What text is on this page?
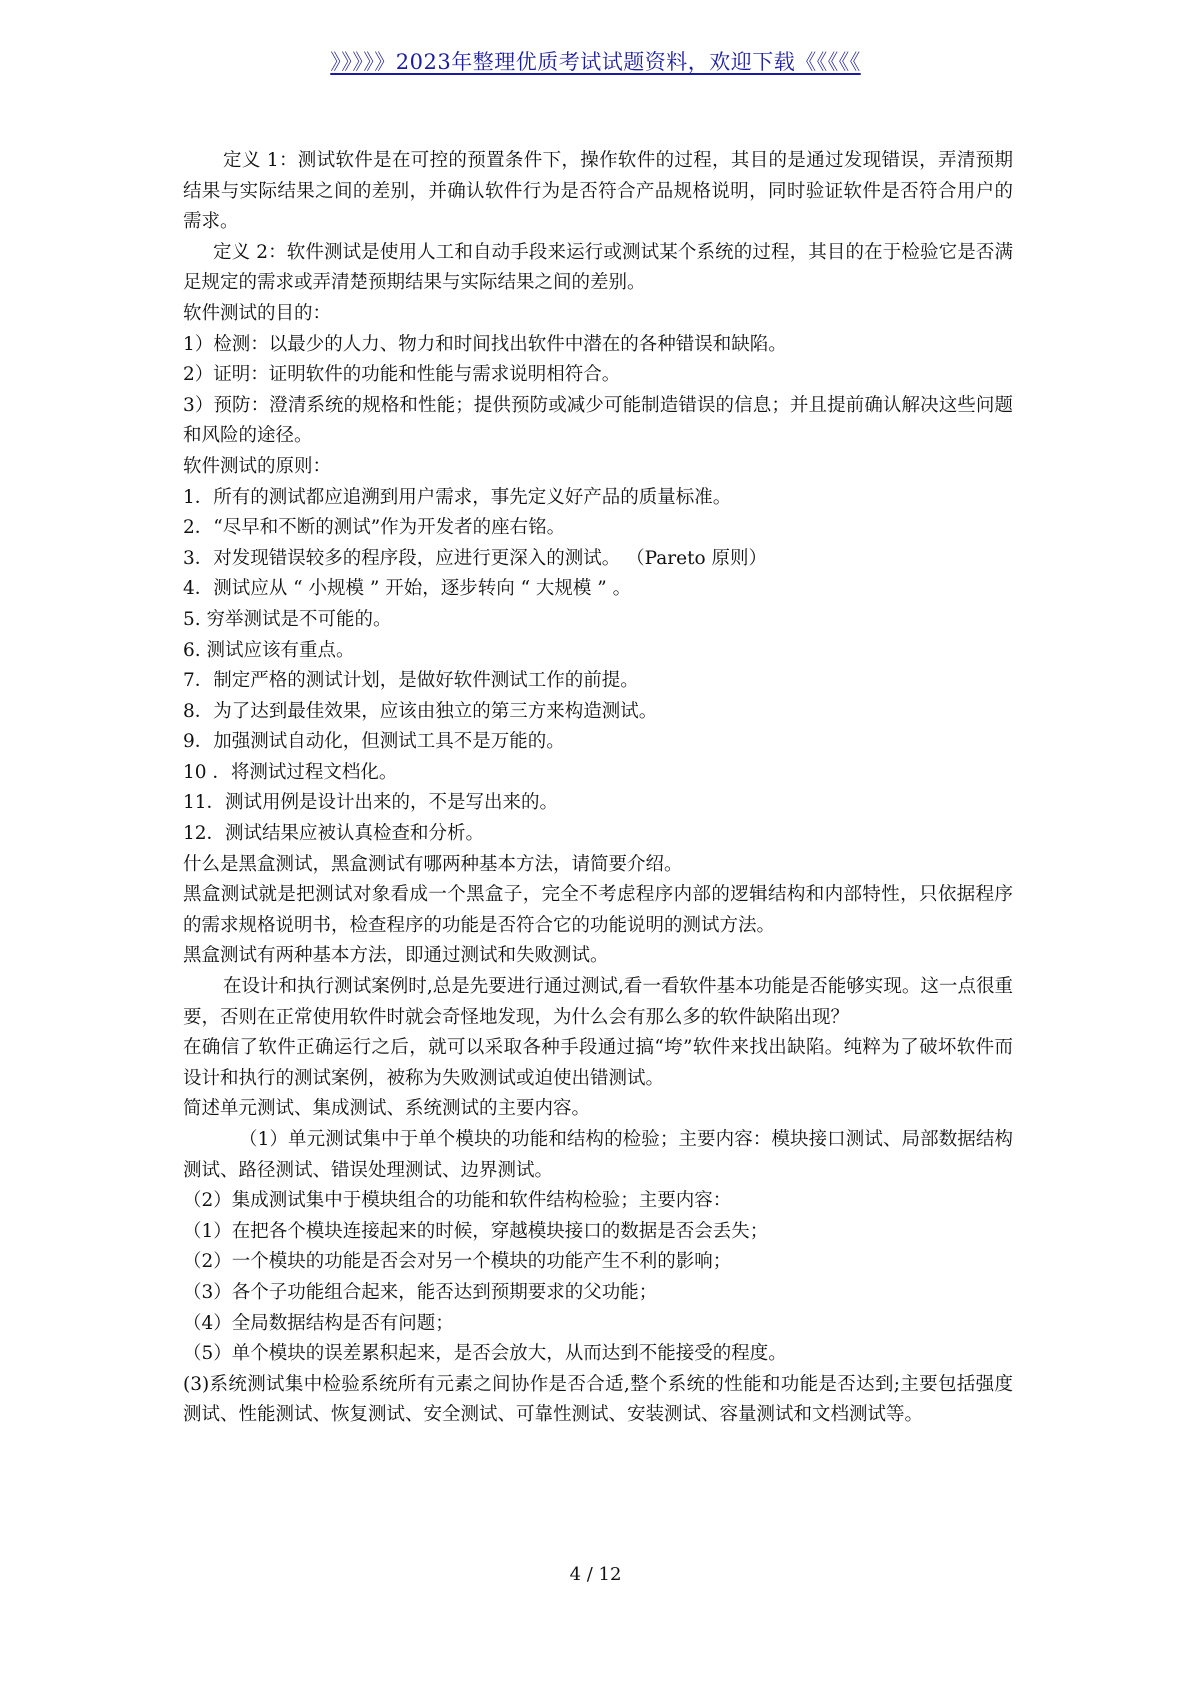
》》》》》2023年整理优质考试试题资料，欢迎下载《《《《《

定义 1：测试软件是在可控的预置条件下，操作软件的过程，其目的是通过发现错误，弄清预期结果与实际结果之间的差别，并确认软件行为是否符合产品规格说明，同时验证软件是否符合用户的需求。

定义 2：软件测试是使用人工和自动手段来运行或测试某个系统的过程，其目的在于检验它是否满足规定的需求或弄清楚预期结果与实际结果之间的差别。

软件测试的目的：

1）检测：以最少的人力、物力和时间找出软件中潜在的各种错误和缺陷。

2）证明：证明软件的功能和性能与需求说明相符合。

3）预防：澄清系统的规格和性能；提供预防或减少可能制造错误的信息；并且提前确认解决这些问题和风险的途径。

软件测试的原则：

1．所有的测试都应追溯到用户需求，事先定义好产品的质量标准。

2．“尽早和不断的测试”作为开发者的座右铭。

3．对发现错误较多的程序段，应进行更深入的测试。 （Pareto 原则）

4．测试应从 “ 小规模 ” 开始，逐步转向 “ 大规模 ” 。

5. 穷举测试是不可能的。

6. 测试应该有重点。

7．制定严格的测试计划，是做好软件测试工作的前提。

8．为了达到最佳效果，应该由独立的第三方来构造测试。

9．加强测试自动化，但测试工具不是万能的。

10 ．将测试过程文档化。

11．测试用例是设计出来的，不是写出来的。

12．测试结果应被认真检查和分析。

什么是黑盒测试，黑盒测试有哪两种基本方法，请简要介绍。

黑盒测试就是把测试对象看成一个黑盒子，完全不考虑程序内部的逻辑结构和内部特性，只依据程序的需求规格说明书，检查程序的功能是否符合它的功能说明的测试方法。

黑盒测试有两种基本方法，即通过测试和失败测试。

在设计和执行测试案例时,总是先要进行通过测试,看一看软件基本功能是否能够实现。这一点很重要，否则在正常使用软件时就会奇怪地发现，为什么会有那么多的软件缺陷出现？

在确信了软件正确运行之后，就可以采取各种手段通过搞“垮”软件来找出缺陷。纯粹为了破坏软件而设计和执行的测试案例，被称为失败测试或迫使出错测试。

简述单元测试、集成测试、系统测试的主要内容。

（1）单元测试集中于单个模块的功能和结构的检验；主要内容：模块接口测试、局部数据结构测试、路径测试、错误处理测试、边界测试。

（2）集成测试集中于模块组合的功能和软件结构检验；主要内容：

（1）在把各个模块连接起来的时候，穿越模块接口的数据是否会丢失；

（2）一个模块的功能是否会对另一个模块的功能产生不利的影响；

（3）各个子功能组合起来，能否达到预期要求的父功能；

（4）全局数据结构是否有问题；

（5）单个模块的误差累积起来，是否会放大，从而达到不能接受的程度。

(3)系统测试集中检验系统所有元素之间协作是否合适,整个系统的性能和功能是否达到;主要包括强度测试、性能测试、恢复测试、安全测试、可靠性测试、安装测试、容量测试和文档测试等。

4 / 12
